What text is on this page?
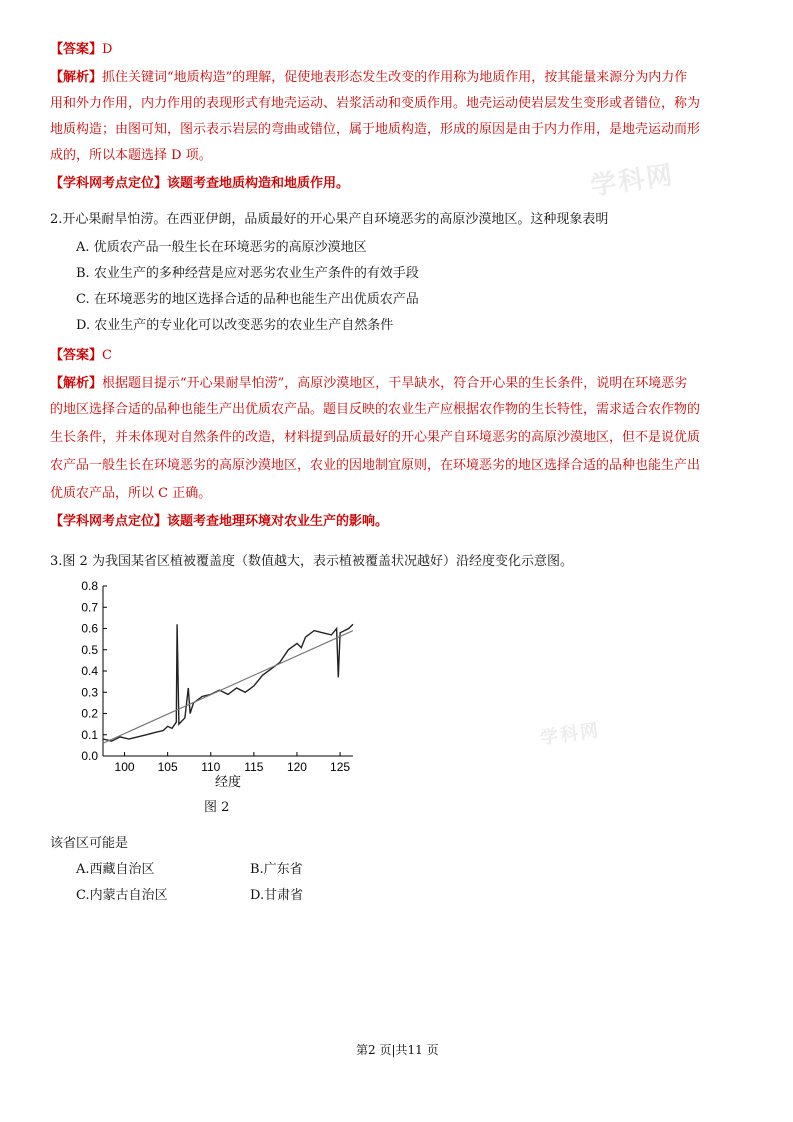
学科网
学科网
【答案】D
【解析】抓住关键词“地质构造”的理解，促使地表形态发生改变的作用称为地质作用，按其能量来源分为内力作
用和外力作用，内力作用的表现形式有地壳运动、岩浆活动和变质作用。地壳运动使岩层发生变形或者错位，称为
地质构造；由图可知，图示表示岩层的弯曲或错位，属于地质构造，形成的原因是由于内力作用，是地壳运动而形
成的，所以本题选择 D 项。
【学科网考点定位】该题考查地质构造和地质作用。
2.开心果耐旱怕涝。在西亚伊朗，品质最好的开心果产自环境恶劣的高原沙漠地区。这种现象表明
A. 优质农产品一般生长在环境恶劣的高原沙漠地区
B. 农业生产的多种经营是应对恶劣农业生产条件的有效手段
C. 在环境恶劣的地区选择合适的品种也能生产出优质农产品
D. 农业生产的专业化可以改变恶劣的农业生产自然条件
【答案】C
【解析】根据题目提示“开心果耐旱怕涝”，高原沙漠地区，干旱缺水，符合开心果的生长条件，说明在环境恶劣
的地区选择合适的品种也能生产出优质农产品。题目反映的农业生产应根据农作物的生长特性，需求适合农作物的
生长条件，并未体现对自然条件的改造，材料提到品质最好的开心果产自环境恶劣的高原沙漠地区，但不是说优质
农产品一般生长在环境恶劣的高原沙漠地区，农业的因地制宜原则，在环境恶劣的地区选择合适的品种也能生产出
优质农产品，所以 C 正确。
【学科网考点定位】该题考查地理环境对农业生产的影响。
3.图 2 为我国某省区植被覆盖度（数值越大，表示植被覆盖状况越好）沿经度变化示意图。
0.0
0.1
0.2
0.3
0.4
0.5
0.6
0.7
0.8
100 105 110 115 120 125
经度
图 2
该省区可能是
A.西藏自治区	B.广东省
C.内蒙古自治区	D.甘肃省
第2 页|共11 页
